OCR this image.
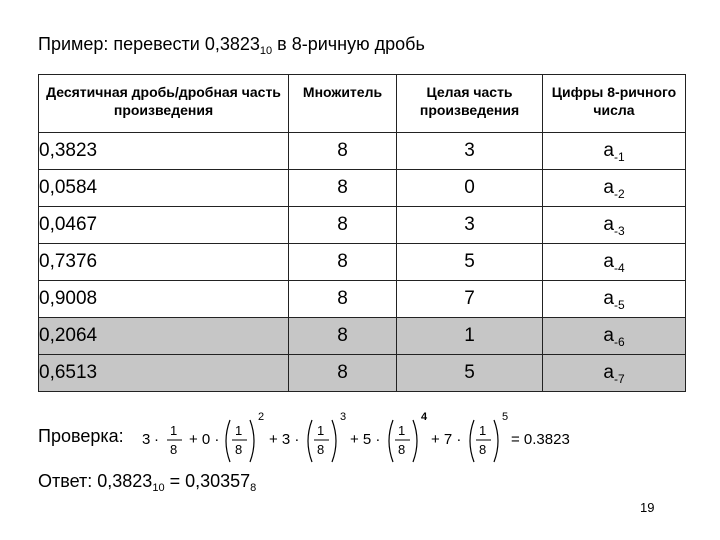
Пример: перевести $0,3823_{10}$ в 8-ричную дробь
Десятичная дробь/дробная часть произведения	Множитель	Целая часть произведения	Цифры 8-ричного числа
0,3823	8	3	$a_{-1}$
0,0584	8	0	$a_{-2}$
0,0467	8	3	$a_{-3}$
0,7376	8	5	$a_{-4}$
0,9008	8	7	$a_{-5}$
0,2064	8	1	$a_{-6}$
0,6513	8	5	$a_{-7}$
Проверка: 3 ·
1
8
+ 0 ·
1
8
2
+ 3 ·
1
8
3
+ 5 ·
1
8
4
+ 7 ·
1
8
5
= 0.3823
Ответ: $0,3823_{10} = 0,30357_8$
19
